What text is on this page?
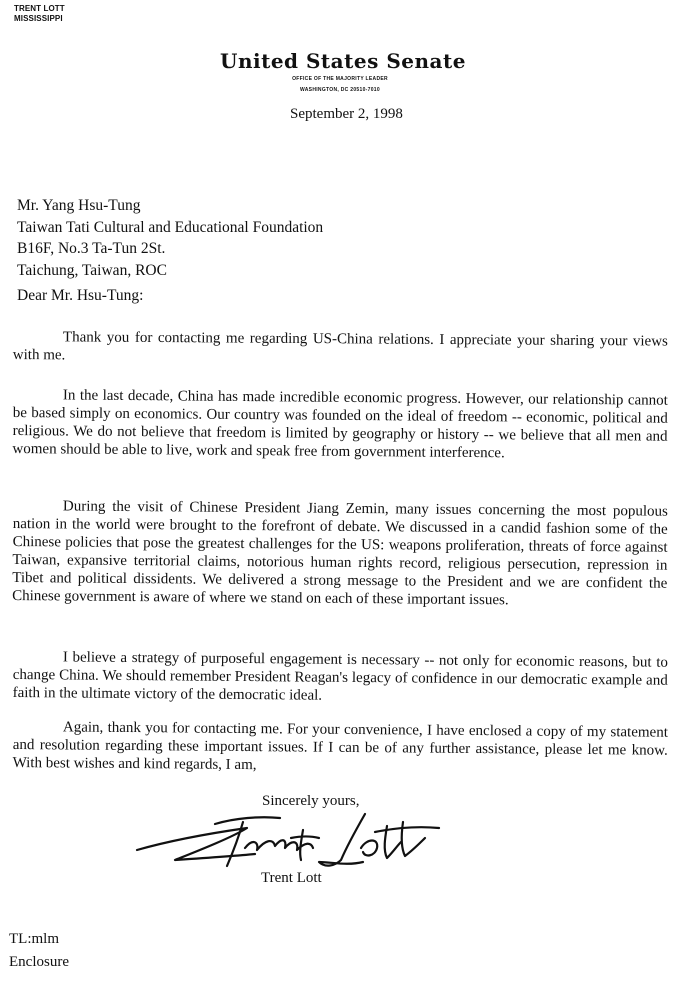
TRENT LOTT
MISSISSIPPI
United States Senate
OFFICE OF THE MAJORITY LEADER
WASHINGTON, DC 20510-7010
September 2, 1998
Mr. Yang Hsu-Tung
Taiwan Tati Cultural and Educational Foundation
B16F, No.3 Ta-Tun 2St.
Taichung, Taiwan, ROC
Dear Mr. Hsu-Tung:
Thank you for contacting me regarding US-China relations. I appreciate your sharing your views with me.
In the last decade, China has made incredible economic progress. However, our relationship cannot be based simply on economics. Our country was founded on the ideal of freedom -- economic, political and religious. We do not believe that freedom is limited by geography or history -- we believe that all men and women should be able to live, work and speak free from government interference.
During the visit of Chinese President Jiang Zemin, many issues concerning the most populous nation in the world were brought to the forefront of debate. We discussed in a candid fashion some of the Chinese policies that pose the greatest challenges for the US: weapons proliferation, threats of force against Taiwan, expansive territorial claims, notorious human rights record, religious persecution, repression in Tibet and political dissidents. We delivered a strong message to the President and we are confident the Chinese government is aware of where we stand on each of these important issues.
I believe a strategy of purposeful engagement is necessary -- not only for economic reasons, but to change China. We should remember President Reagan's legacy of confidence in our democratic example and faith in the ultimate victory of the democratic ideal.
Again, thank you for contacting me. For your convenience, I have enclosed a copy of my statement and resolution regarding these important issues. If I can be of any further assistance, please let me know. With best wishes and kind regards, I am,
Sincerely yours,
Trent Lott
TL:mlm
Enclosure
